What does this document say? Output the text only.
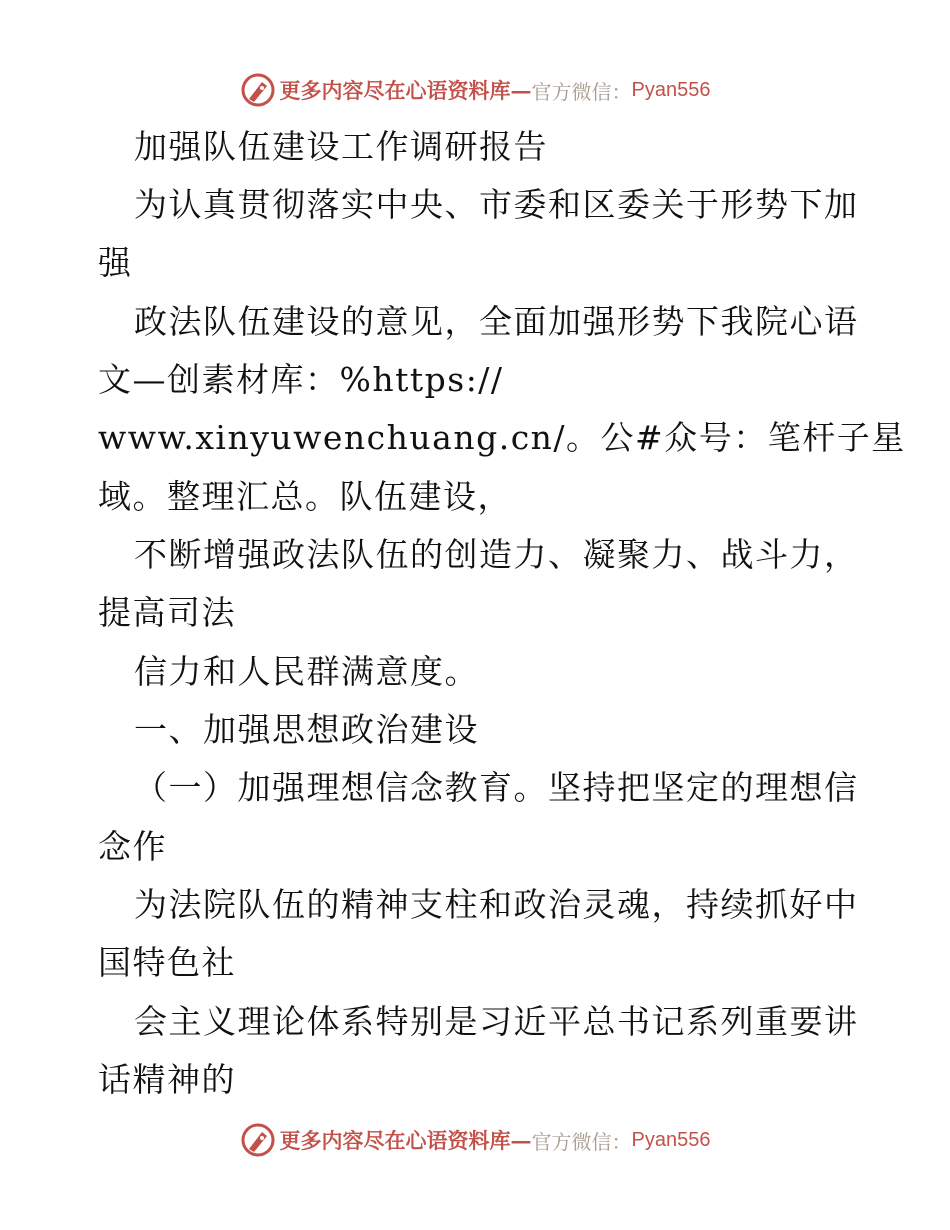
更多内容尽在心语资料库— 官方微信： Pyan556
加强队伍建设工作调研报告
为认真贯彻落实中央、市委和区委关于形势下加
强
政法队伍建设的意见，全面加强形势下我院心语
文—创素材库：%https://
www.xinyuwenchuang.cn/。公#众号：笔杆子星
域。整理汇总。队伍建设，
不断增强政法队伍的创造力、凝聚力、战斗力，
提高司法
信力和人民群满意度。
一、加强思想政治建设
（一）加强理想信念教育。坚持把坚定的理想信
念作
为法院队伍的精神支柱和政治灵魂，持续抓好中
国特色社
会主义理论体系特别是习近平总书记系列重要讲
话精神的
更多内容尽在心语资料库— 官方微信： Pyan556
